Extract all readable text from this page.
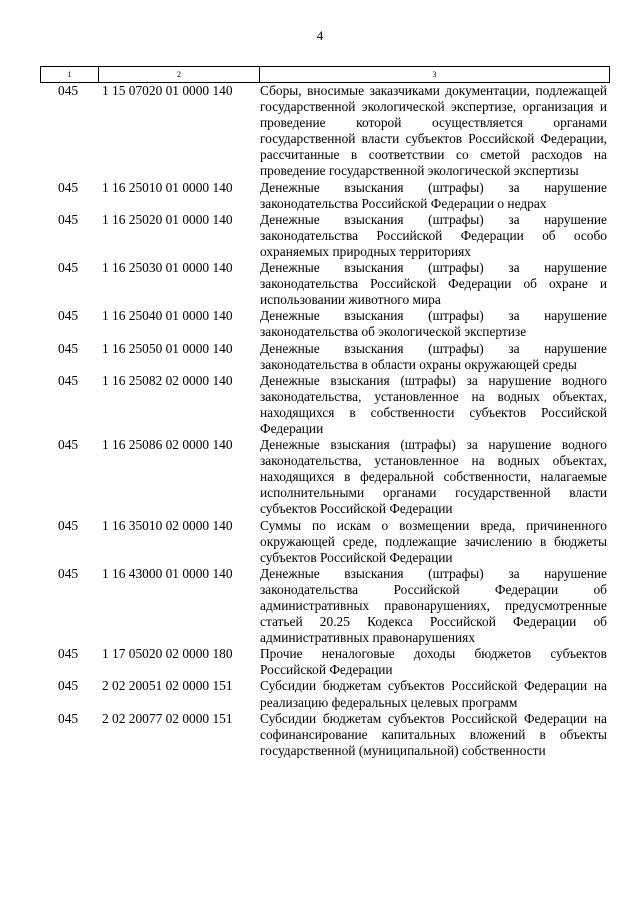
4
1	2	3
045	1 15 07020 01 0000 140	Сборы, вносимые заказчиками документации, подлежащей государственной экологической экспертизе, организация и проведение которой осуществляется органами государственной власти субъектов Российской Федерации, рассчитанные в соответствии со сметой расходов на проведение государственной экологической экспертизы
045	1 16 25010 01 0000 140	Денежные взыскания (штрафы) за нарушение законодательства Российской Федерации о недрах
045	1 16 25020 01 0000 140	Денежные взыскания (штрафы) за нарушение законодательства Российской Федерации об особо охраняемых природных территориях
045	1 16 25030 01 0000 140	Денежные взыскания (штрафы) за нарушение законодательства Российской Федерации об охране и использовании животного мира
045	1 16 25040 01 0000 140	Денежные взыскания (штрафы) за нарушение законодательства об экологической экспертизе
045	1 16 25050 01 0000 140	Денежные взыскания (штрафы) за нарушение законодательства в области охраны окружающей среды
045	1 16 25082 02 0000 140	Денежные взыскания (штрафы) за нарушение водного законодательства, установленное на водных объектах, находящихся в собственности субъектов Российской Федерации
045	1 16 25086 02 0000 140	Денежные взыскания (штрафы) за нарушение водного законодательства, установленное на водных объектах, находящихся в федеральной собственности, налагаемые исполнительными органами государственной власти субъектов Российской Федерации
045	1 16 35010 02 0000 140	Суммы по искам о возмещении вреда, причиненного окружающей среде, подлежащие зачислению в бюджеты субъектов Российской Федерации
045	1 16 43000 01 0000 140	Денежные взыскания (штрафы) за нарушение законодательства Российской Федерации об административных правонарушениях, предусмотренные статьей 20.25 Кодекса Российской Федерации об административных правонарушениях
045	1 17 05020 02 0000 180	Прочие неналоговые доходы бюджетов субъектов Российской Федерации
045	2 02 20051 02 0000 151	Субсидии бюджетам субъектов Российской Федерации на реализацию федеральных целевых программ
045	2 02 20077 02 0000 151	Субсидии бюджетам субъектов Российской Федерации на софинансирование капитальных вложений в объекты государственной (муниципальной) собственности
